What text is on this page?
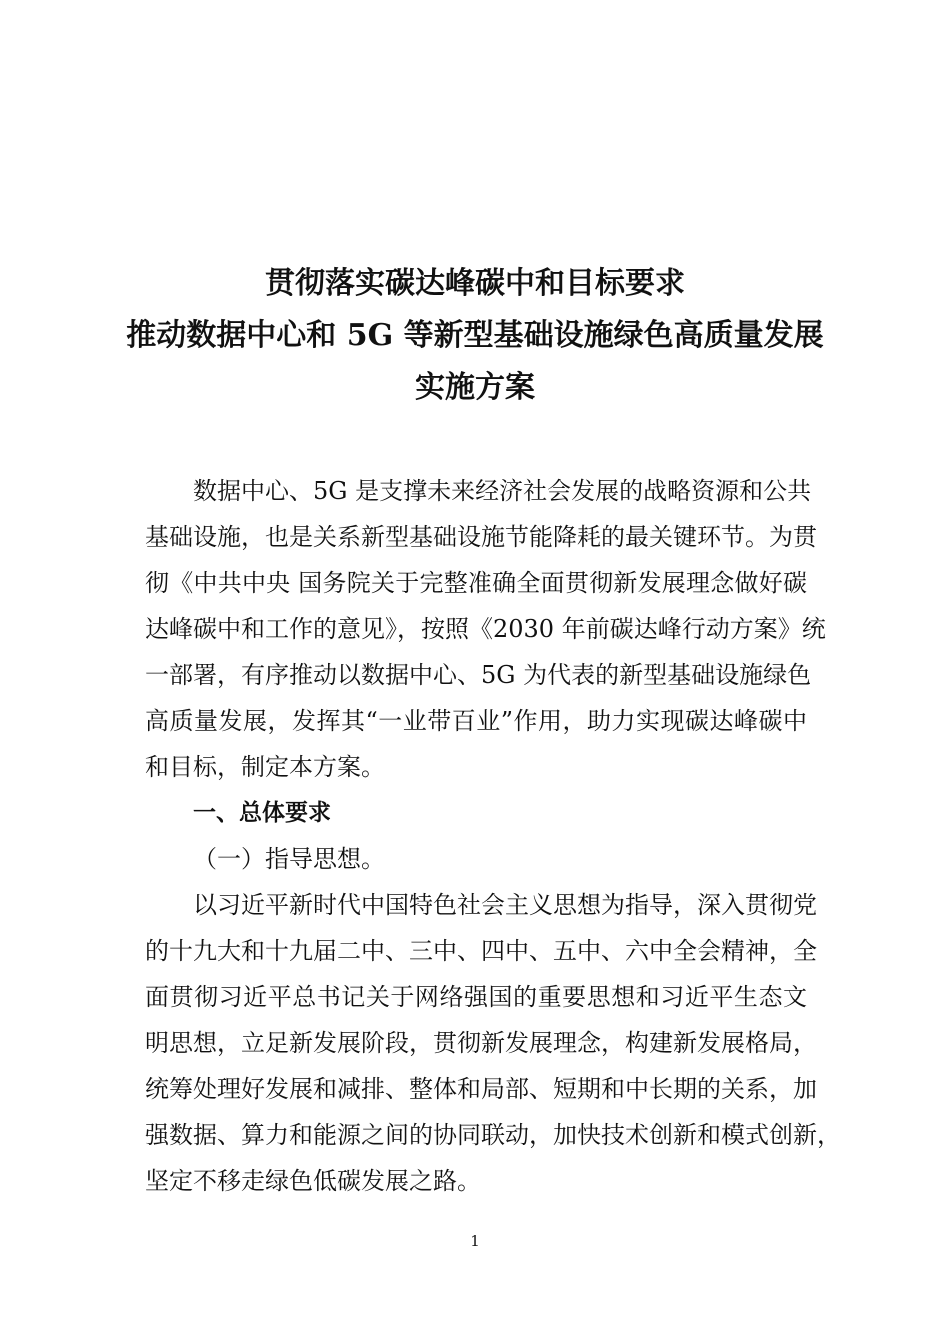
贯彻落实碳达峰碳中和目标要求
推动数据中心和 5G 等新型基础设施绿色高质量发展
实施方案
数据中心、5G 是支撑未来经济社会发展的战略资源和公共
基础设施，也是关系新型基础设施节能降耗的最关键环节。为贯
彻《中共中央 国务院关于完整准确全面贯彻新发展理念做好碳
达峰碳中和工作的意见》，按照《2030 年前碳达峰行动方案》统
一部署，有序推动以数据中心、5G 为代表的新型基础设施绿色
高质量发展，发挥其“一业带百业”作用，助力实现碳达峰碳中
和目标，制定本方案。
一、总体要求
（一）指导思想。
以习近平新时代中国特色社会主义思想为指导，深入贯彻党
的十九大和十九届二中、三中、四中、五中、六中全会精神，全
面贯彻习近平总书记关于网络强国的重要思想和习近平生态文
明思想，立足新发展阶段，贯彻新发展理念，构建新发展格局，
统筹处理好发展和减排、整体和局部、短期和中长期的关系，加
强数据、算力和能源之间的协同联动，加快技术创新和模式创新，
坚定不移走绿色低碳发展之路。
1
